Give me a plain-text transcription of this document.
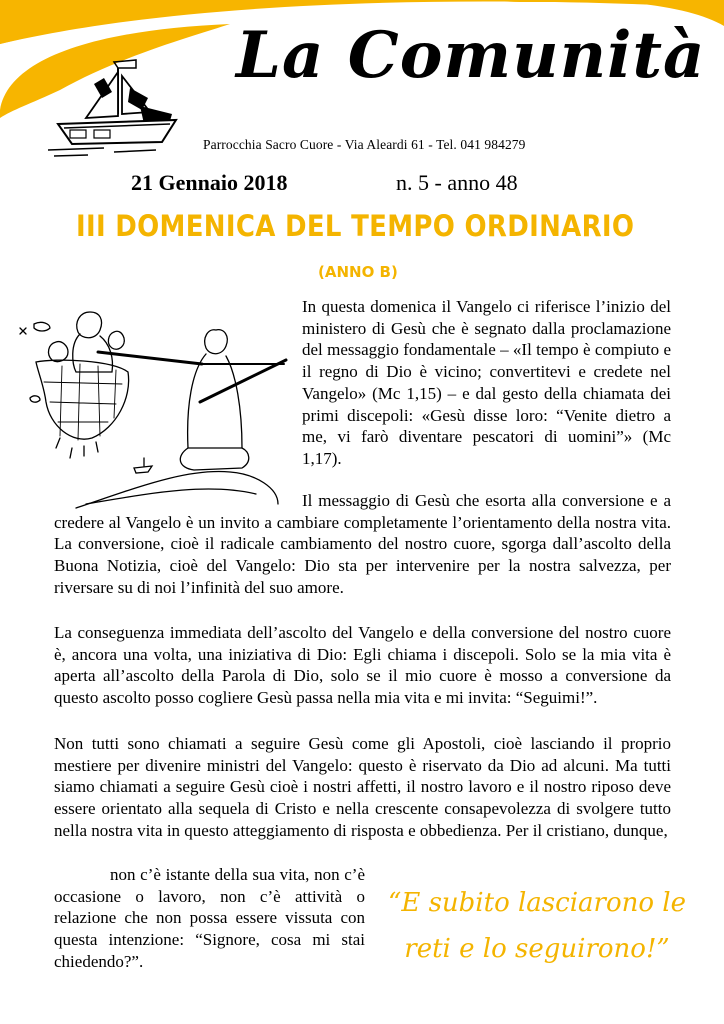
La Comunità
Parrocchia Sacro Cuore - Via Aleardi 61 - Tel. 041 984279
21 Gennaio 2018	n. 5 - anno 48
III DOMENICA DEL TEMPO ORDINARIO
(ANNO B)

In questa domenica il Vangelo ci riferisce l’inizio del ministero di Gesù che è segnato dalla proclamazione del messaggio fondamentale – «Il tempo è compiuto e il regno di Dio è vicino; convertitevi e credete nel Vangelo» (Mc 1,15) – e dal gesto della chiamata dei primi discepoli: «Gesù disse loro: “Venite dietro a me, vi farò diventare pescatori di uomini”» (Mc 1,17).

Il messaggio di Gesù che esorta alla conversione e a credere al Vangelo è un invito a cambiare completamente l’orientamento della nostra vita. La conversione, cioè il radicale cambiamento del nostro cuore, sgorga dall’ascolto della Buona Notizia, cioè del Vangelo: Dio sta per intervenire per la nostra salvezza, per riversare su di noi l’infinità del suo amore.

La conseguenza immediata dell’ascolto del Vangelo e della conversione del nostro cuore è, ancora una volta, una iniziativa di Dio: Egli chiama i discepoli. Solo se la mia vita è aperta all’ascolto della Parola di Dio, solo se il mio cuore è mosso a conversione da questo ascolto posso cogliere Gesù passa nella mia vita e mi invita: “Seguimi!”.

Non tutti sono chiamati a seguire Gesù come gli Apostoli, cioè lasciando il proprio mestiere per divenire ministri del Vangelo: questo è riservato da Dio ad alcuni. Ma tutti siamo chiamati a seguire Gesù cioè i nostri affetti, il nostro lavoro e il nostro riposo deve essere orientato alla sequela di Cristo e nella crescente consapevolezza di svolgere tutto nella nostra vita in questo atteggiamento di risposta e obbedienza. Per il cristiano, dunque,

non c’è istante della sua vita, non c’è occasione o lavoro, non c’è attività o relazione che non possa essere vissuta con questa intenzione: “Signore, cosa mi stai chiedendo?”.

“E subito lasciarono le reti e lo seguirono!”
